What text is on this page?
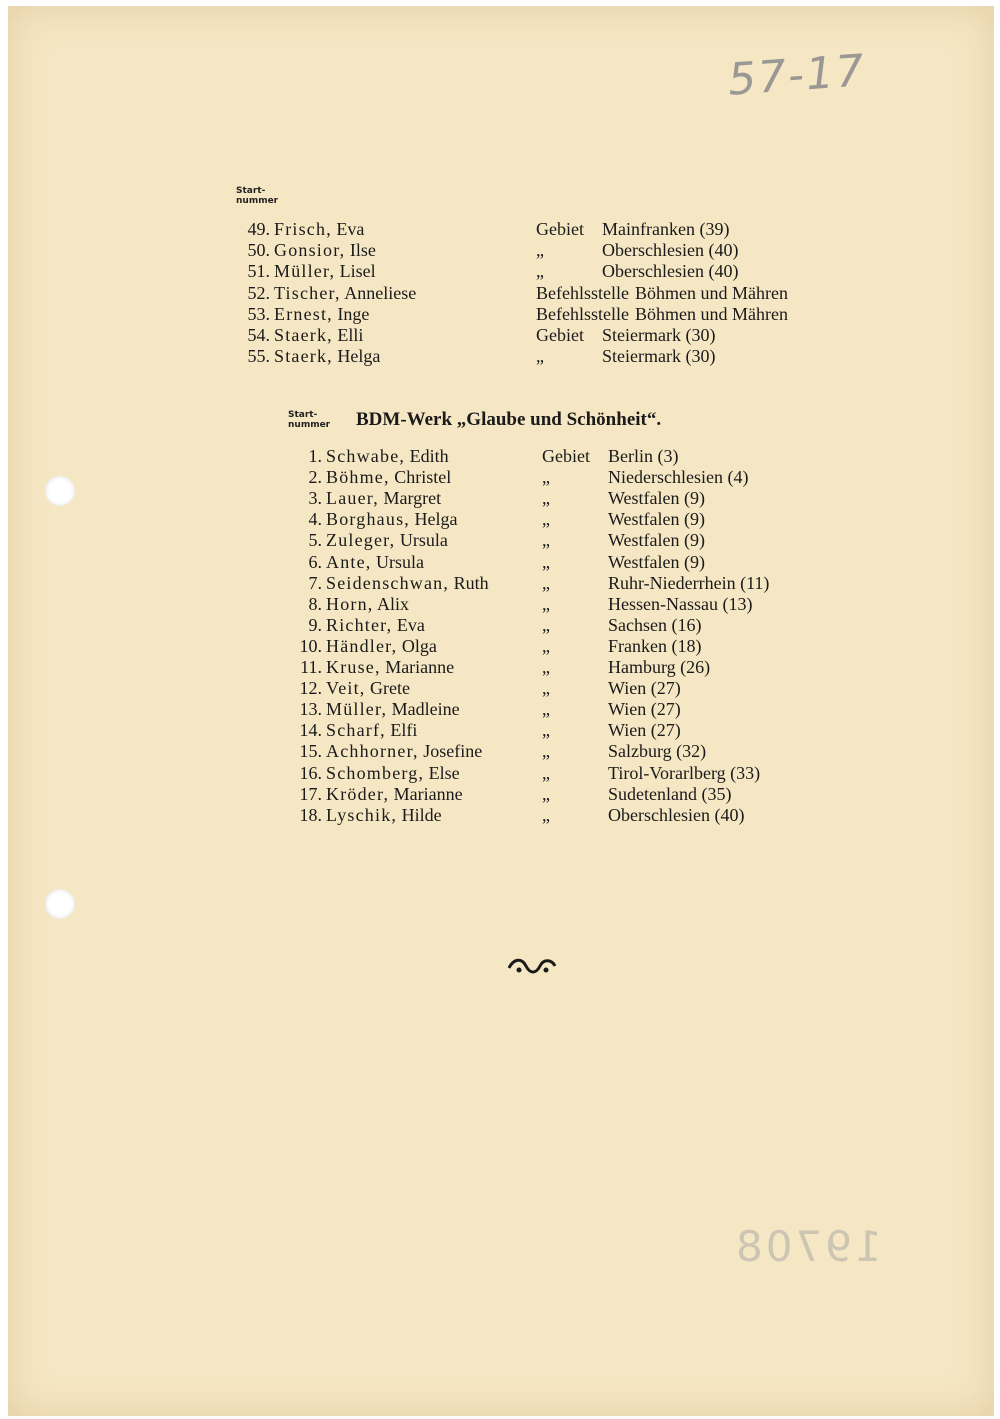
57-17
Start-
nummer
49. Frisch, Eva	Gebiet Mainfranken (39)
50. Gonsior, Ilse	„	Oberschlesien (40)
51. Müller, Lisel	„	Oberschlesien (40)
52. Tischer, Anneliese	Befehlsstelle Böhmen und Mähren
53. Ernest, Inge	Befehlsstelle Böhmen und Mähren
54. Staerk, Elli	Gebiet Steiermark (30)
55. Staerk, Helga	„	Steiermark (30)
Start-
nummer BDM-Werk „Glaube und Schönheit“.
1. Schwabe, Edith	Gebiet Berlin (3)
2. Böhme, Christel	„	Niederschlesien (4)
3. Lauer, Margret	„	Westfalen (9)
4. Borghaus, Helga	„	Westfalen (9)
5. Zuleger, Ursula	„	Westfalen (9)
6. Ante, Ursula	„	Westfalen (9)
7. Seidenschwan, Ruth	„	Ruhr-Niederrhein (11)
8. Horn, Alix	„	Hessen-Nassau (13)
9. Richter, Eva	„	Sachsen (16)
10. Händler, Olga	„	Franken (18)
11. Kruse, Marianne	„	Hamburg (26)
12. Veit, Grete	„	Wien (27)
13. Müller, Madleine	„	Wien (27)
14. Scharf, Elfi	„	Wien (27)
15. Achhorner, Josefine	„	Salzburg (32)
16. Schomberg, Else	„	Tirol-Vorarlberg (33)
17. Kröder, Marianne	„	Sudetenland (35)
18. Lyschik, Hilde	„	Oberschlesien (40)
19708
